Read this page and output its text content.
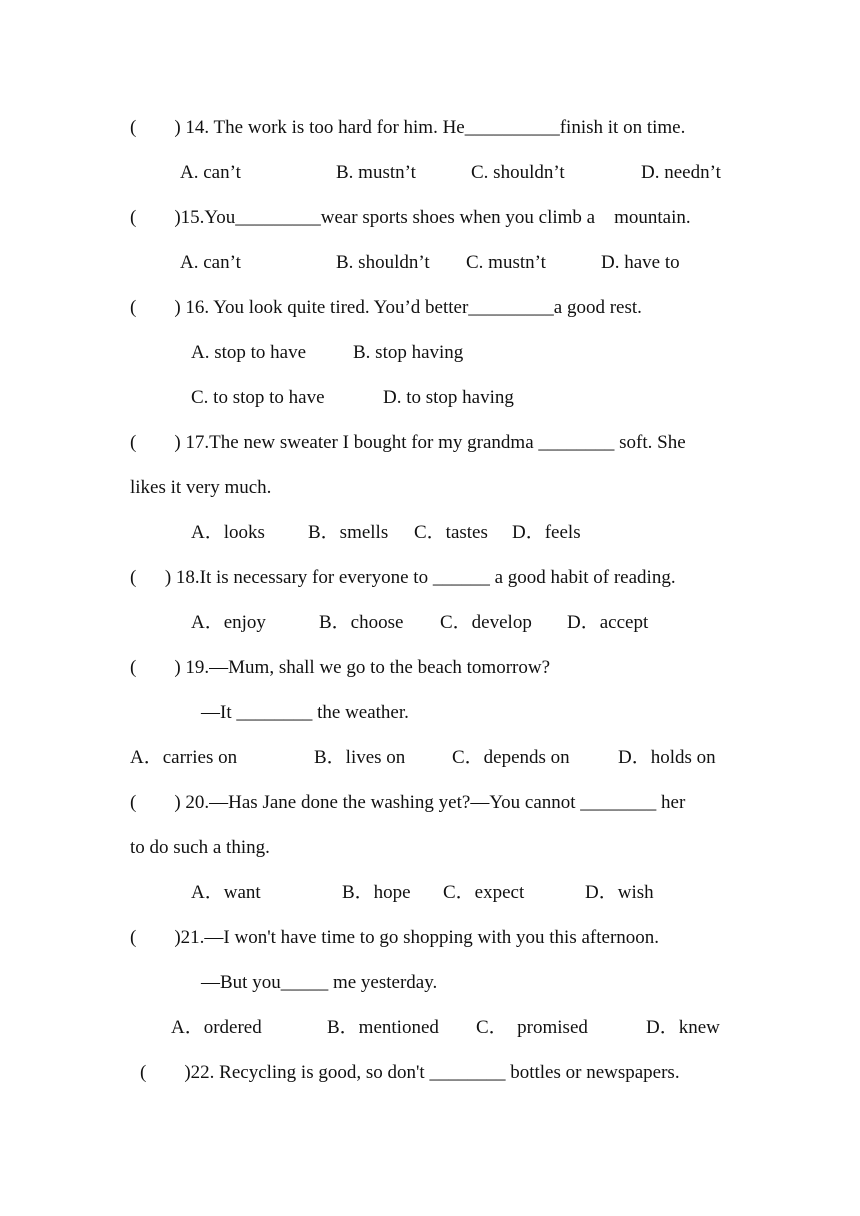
(        ) 14. The work is too hard for him. He__________finish it on time.
A. can’t	B. mustn’t	C. shouldn’t	D. needn’t
(        )15.You_________wear sports shoes when you climb a    mountain.
A. can’t	B. shouldn’t C. mustn’t	D. have to
(        ) 16. You look quite tired. You’d better_________a good rest.
A. stop to have B. stop having
C. to stop to have	D. to stop having
(        ) 17.The new sweater I bought for my grandma ________ soft. She
likes it very much.
A．looks B．smells C．tastes D．feels
(      ) 18.It is necessary for everyone to ______ a good habit of reading.
A．enjoy	B．choose C．develop D．accept
(        ) 19.—Mum, shall we go to the beach tomorrow?
—It ________ the weather.
A．carries on	B．lives on C．depends on	D．holds on
(        ) 20.—Has Jane done the washing yet?—You cannot ________ her
to do such a thing.
A．want	B．hope C．expect	D．wish
(        )21.—I won't have time to go shopping with you this afternoon.
—But you_____ me yesterday.
A．ordered	B．mentioned C．  promised	D．knew
(        )22. Recycling is good, so don't ________ bottles or newspapers.
